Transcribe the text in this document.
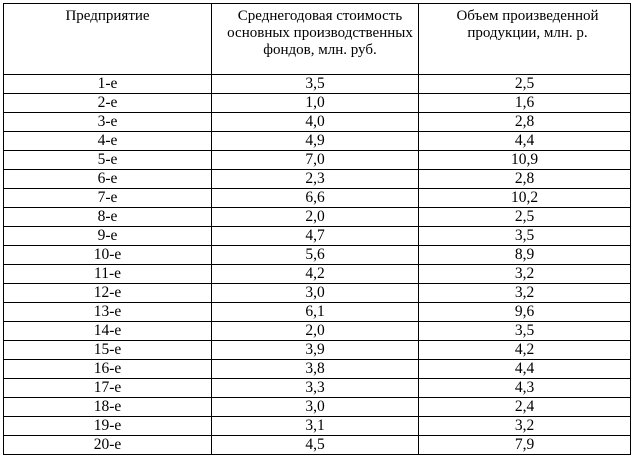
Предприятие	Среднегодовая стоимость основных производственных фондов, млн. руб.	Объем произведенной продукции, млн. р.
1-е	3,5	2,5
2-е	1,0	1,6
3-е	4,0	2,8
4-е	4,9	4,4
5-е	7,0	10,9
6-е	2,3	2,8
7-е	6,6	10,2
8-е	2,0	2,5
9-е	4,7	3,5
10-е	5,6	8,9
11-е	4,2	3,2
12-е	3,0	3,2
13-е	6,1	9,6
14-е	2,0	3,5
15-е	3,9	4,2
16-е	3,8	4,4
17-е	3,3	4,3
18-е	3,0	2,4
19-е	3,1	3,2
20-е	4,5	7,9
